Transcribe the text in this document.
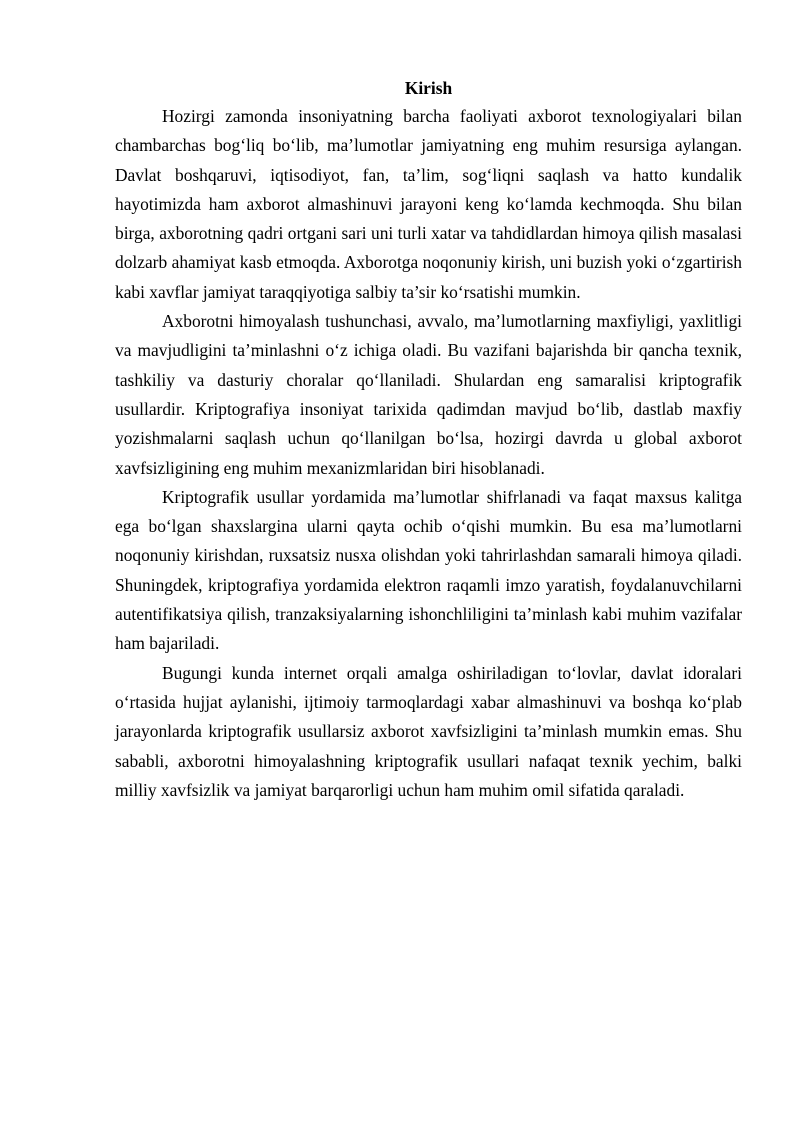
Kirish

Hozirgi zamonda insoniyatning barcha faoliyati axborot texnologiyalari bilan chambarchas bog‘liq bo‘lib, ma’lumotlar jamiyatning eng muhim resursiga aylangan. Davlat boshqaruvi, iqtisodiyot, fan, ta’lim, sog‘liqni saqlash va hatto kundalik hayotimizda ham axborot almashinuvi jarayoni keng ko‘lamda kechmoqda. Shu bilan birga, axborotning qadri ortgani sari uni turli xatar va tahdidlardan himoya qilish masalasi dolzarb ahamiyat kasb etmoqda. Axborotga noqonuniy kirish, uni buzish yoki o‘zgartirish kabi xavflar jamiyat taraqqiyotiga salbiy ta’sir ko‘rsatishi mumkin.

Axborotni himoyalash tushunchasi, avvalo, ma’lumotlarning maxfiyligi, yaxlitligi va mavjudligini ta’minlashni o‘z ichiga oladi. Bu vazifani bajarishda bir qancha texnik, tashkiliy va dasturiy choralar qo‘llaniladi. Shulardan eng samaralisi kriptografik usullardir. Kriptografiya insoniyat tarixida qadimdan mavjud bo‘lib, dastlab maxfiy yozishmalarni saqlash uchun qo‘llanilgan bo‘lsa, hozirgi davrda u global axborot xavfsizligining eng muhim mexanizmlaridan biri hisoblanadi.

Kriptografik usullar yordamida ma’lumotlar shifrlanadi va faqat maxsus kalitga ega bo‘lgan shaxslargina ularni qayta ochib o‘qishi mumkin. Bu esa ma’lumotlarni noqonuniy kirishdan, ruxsatsiz nusxa olishdan yoki tahrirlashdan samarali himoya qiladi. Shuningdek, kriptografiya yordamida elektron raqamli imzo yaratish, foydalanuvchilarni autentifikatsiya qilish, tranzaksiyalarning ishonchliligini ta’minlash kabi muhim vazifalar ham bajariladi.

Bugungi kunda internet orqali amalga oshiriladigan to‘lovlar, davlat idoralari o‘rtasida hujjat aylanishi, ijtimoiy tarmoqlardagi xabar almashinuvi va boshqa ko‘plab jarayonlarda kriptografik usullarsiz axborot xavfsizligini ta’minlash mumkin emas. Shu sababli, axborotni himoyalashning kriptografik usullari nafaqat texnik yechim, balki milliy xavfsizlik va jamiyat barqarorligi uchun ham muhim omil sifatida qaraladi.
